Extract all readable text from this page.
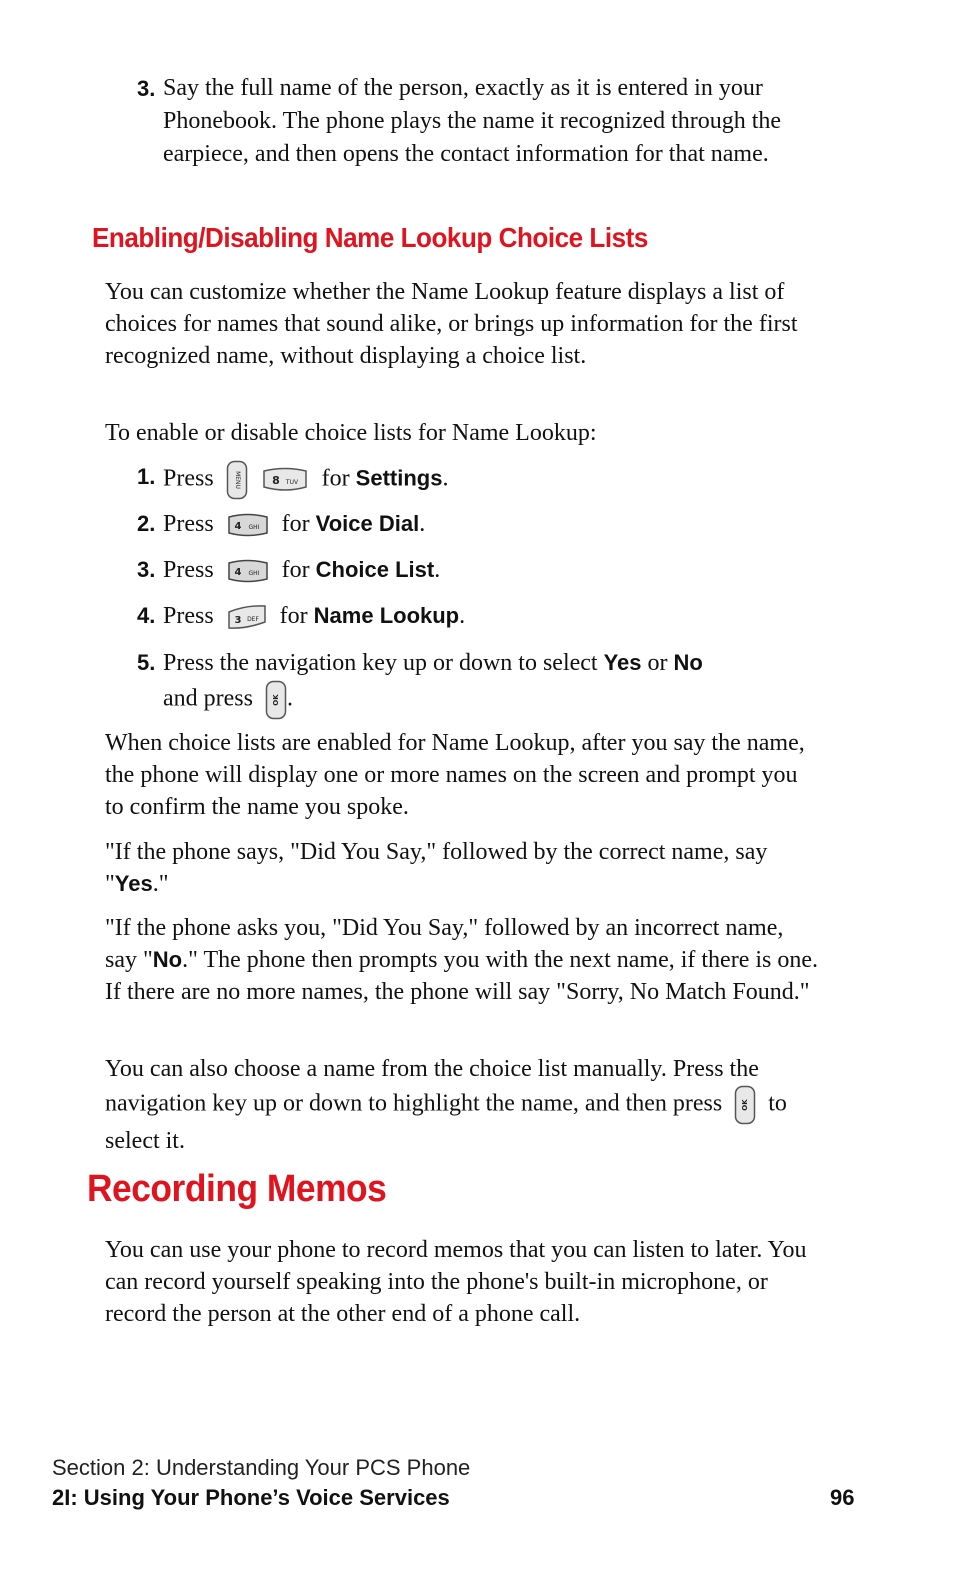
3. Say the full name of the person, exactly as it is entered in your Phonebook. The phone plays the name it recognized through the earpiece, and then opens the contact information for that name.
Enabling/Disabling Name Lookup Choice Lists

You can customize whether the Name Lookup feature displays a list of choices for names that sound alike, or brings up information for the first recognized name, without displaying a choice list.

To enable or disable choice lists for Name Lookup:

1. Press	MENU
	8 TUV for Settings.
2. Press 4 GHI for Voice Dial.
3. Press 4 GHI for Choice List.
4. Press 3 DEF for Name Lookup.
5. Press the navigation key up or down to select Yes or No
and press	OK .

When choice lists are enabled for Name Lookup, after you say the name, the phone will display one or more names on the screen and prompt you to confirm the name you spoke.

"If the phone says, "Did You Say," followed by the correct name, say "Yes."

"If the phone asks you, "Did You Say," followed by an incorrect name, say "No." The phone then prompts you with the next name, if there is one. If there are no more names, the phone will say "Sorry, No Match Found."

You can also choose a name from the choice list manually. Press the navigation key up or down to highlight the name, and then press	OK to select it.

Recording Memos

You can use your phone to record memos that you can listen to later. You can record yourself speaking into the phone's built-in microphone, or record the person at the other end of a phone call.

Section 2: Understanding Your PCS Phone
2I: Using Your Phone’s Voice Services	96
